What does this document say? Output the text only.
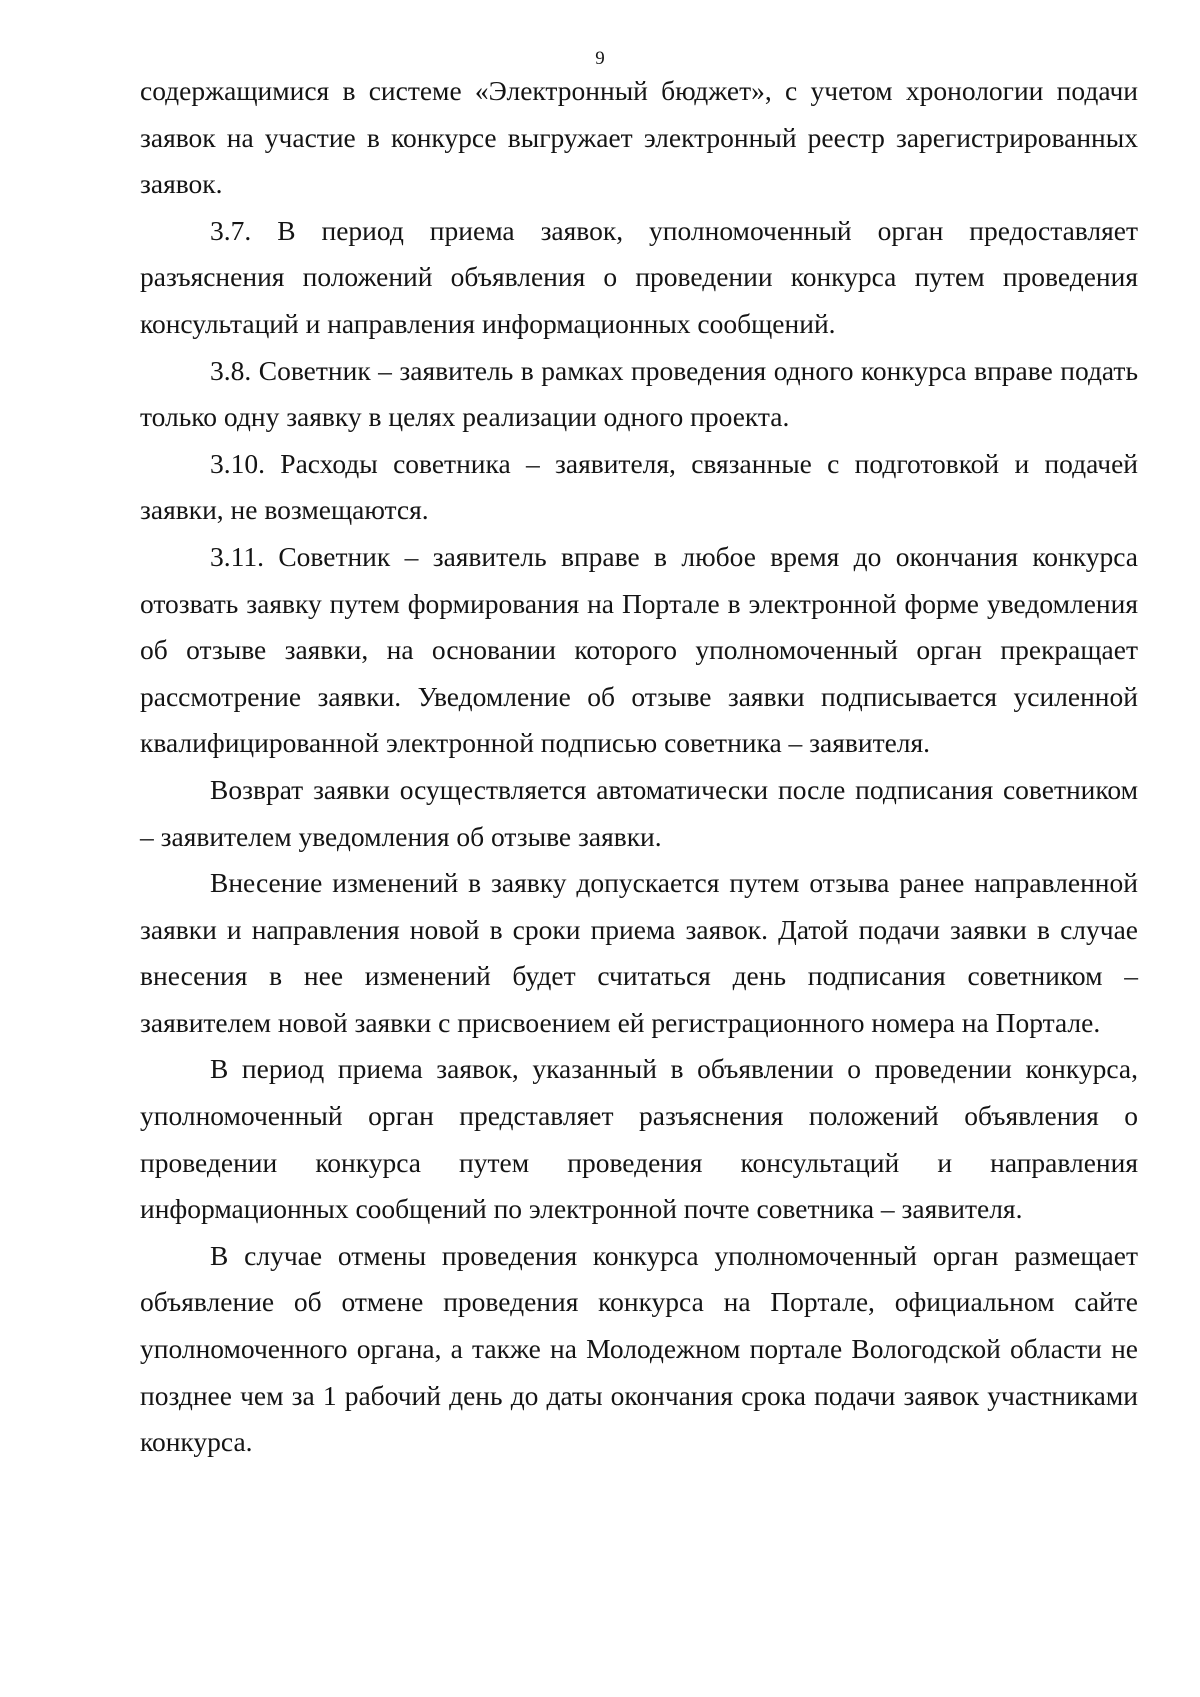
9

содержащимися в системе «Электронный бюджет», с учетом хронологии подачи заявок на участие в конкурсе выгружает электронный реестр зарегистрированных заявок.

3.7. В период приема заявок, уполномоченный орган предоставляет разъяснения положений объявления о проведении конкурса путем проведения консультаций и направления информационных сообщений.

3.8. Советник – заявитель в рамках проведения одного конкурса вправе подать только одну заявку в целях реализации одного проекта.

3.10. Расходы советника – заявителя, связанные с подготовкой и подачей заявки, не возмещаются.

3.11. Советник – заявитель вправе в любое время до окончания конкурса отозвать заявку путем формирования на Портале в электронной форме уведомления об отзыве заявки, на основании которого уполномоченный орган прекращает рассмотрение заявки. Уведомление об отзыве заявки подписывается усиленной квалифицированной электронной подписью советника – заявителя.

Возврат заявки осуществляется автоматически после подписания советником – заявителем уведомления об отзыве заявки.

Внесение изменений в заявку допускается путем отзыва ранее направленной заявки и направления новой в сроки приема заявок. Датой подачи заявки в случае внесения в нее изменений будет считаться день подписания советником – заявителем новой заявки с присвоением ей регистрационного номера на Портале.

В период приема заявок, указанный в объявлении о проведении конкурса, уполномоченный орган представляет разъяснения положений объявления о проведении конкурса путем проведения консультаций и направления информационных сообщений по электронной почте советника – заявителя.

В случае отмены проведения конкурса уполномоченный орган размещает объявление об отмене проведения конкурса на Портале, официальном сайте уполномоченного органа, а также на Молодежном портале Вологодской области не позднее чем за 1 рабочий день до даты окончания срока подачи заявок участниками конкурса.
